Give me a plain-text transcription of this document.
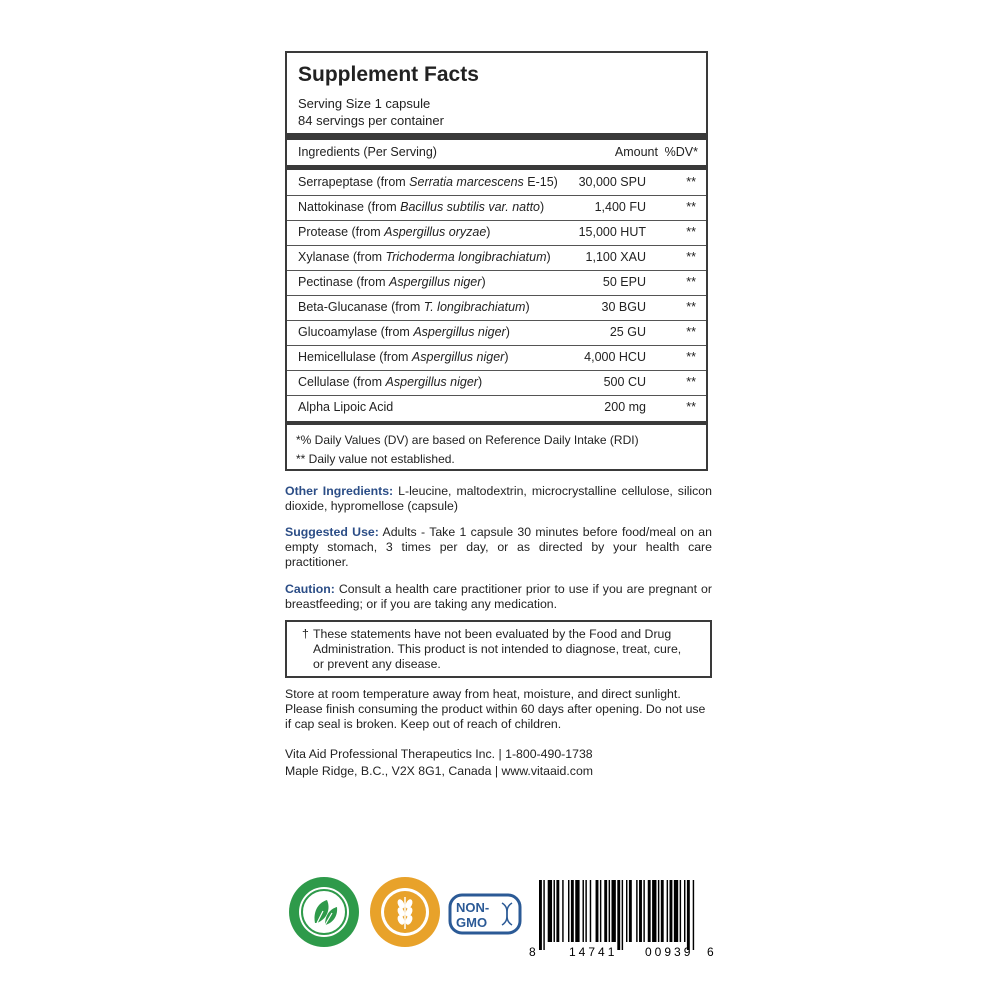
Supplement Facts
Serving Size 1 capsule
84 servings per container
Ingredients (Per Serving)	Amount %DV*
*% Daily Values (DV) are based on Reference Daily Intake (RDI)
** Daily value not established.
Serrapeptase (from Serratia marcescens E-15) 30,000 SPU	**
Nattokinase (from Bacillus subtilis var. natto)	1,400 FU	**
Protease (from Aspergillus oryzae)	15,000 HUT	**
Xylanase (from Trichoderma longibrachiatum)	1,100 XAU	**
Pectinase (from Aspergillus niger)	50 EPU	**
Beta-Glucanase (from T. longibrachiatum)	30 BGU	**
Glucoamylase (from Aspergillus niger)	25 GU	**
Hemicellulase (from Aspergillus niger)	4,000 HCU	**
Cellulase (from Aspergillus niger)	500 CU	**
Alpha Lipoic Acid	200 mg	**
Other Ingredients: L-leucine, maltodextrin, microcrystalline cellulose, silicon dioxide, hypromellose (capsule)
Suggested Use: Adults - Take 1 capsule 30 minutes before food/meal on an empty stomach, 3 times per day, or as directed by your health care practitioner.
Caution: Consult a health care practitioner prior to use if you are pregnant or breastfeeding; or if you are taking any medication.
† These statements have not been evaluated by the Food and Drug Administration. This product is not intended to diagnose, treat, cure, or prevent any disease.
Store at room temperature away from heat, moisture, and direct sunlight. Please finish consuming the product within 60 days after opening. Do not use if cap seal is broken. Keep out of reach of children.
Vita Aid Professional Therapeutics Inc. | 1-800-490-1738
Maple Ridge, B.C., V2X 8G1, Canada | www.vitaaid.com
NON-
GMO
8	14741 00939 6
